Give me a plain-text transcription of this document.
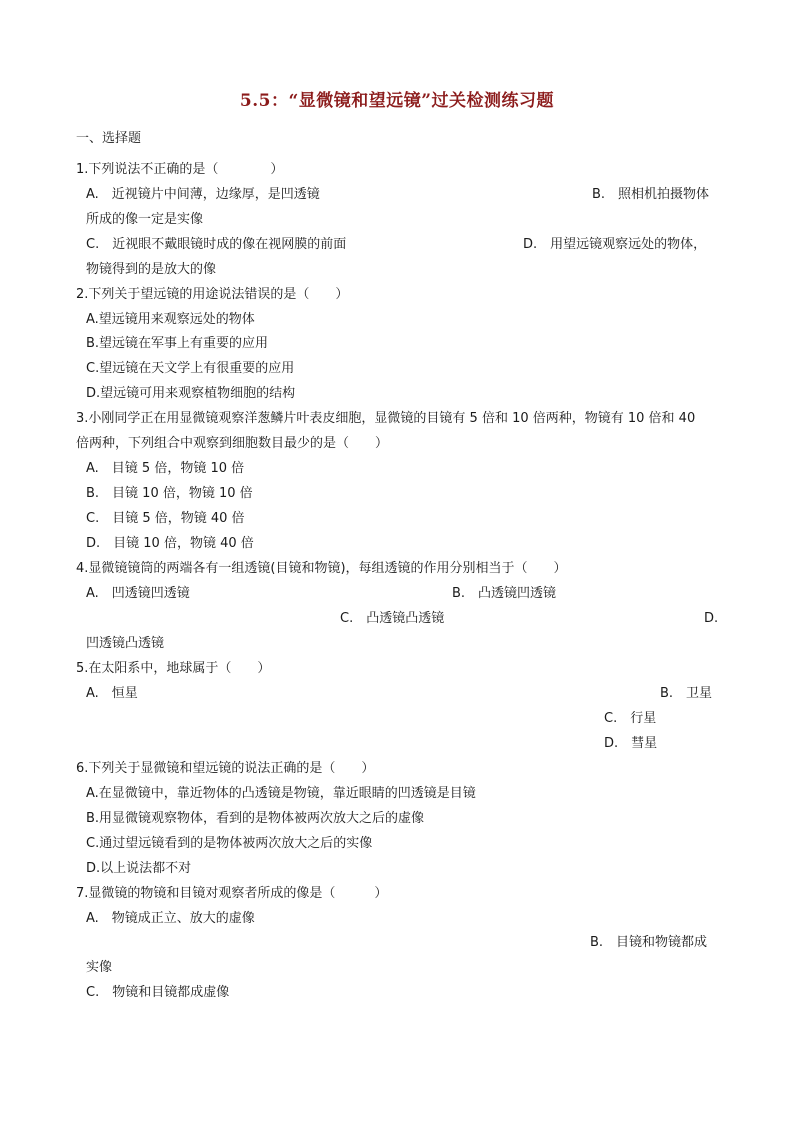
5.5：“显微镜和望远镜”过关检测练习题
一、选择题
1.下列说法不正确的是（　　　　）
A.　近视镜片中间薄，边缘厚，是凹透镜	B.　照相机拍摄物体
所成的像一定是实像
C.　近视眼不戴眼镜时成的像在视网膜的前面	D.　用望远镜观察远处的物体，
物镜得到的是放大的像
2.下列关于望远镜的用途说法错误的是（　　）
A.望远镜用来观察远处的物体
B.望远镜在军事上有重要的应用
C.望远镜在天文学上有很重要的应用
D.望远镜可用来观察植物细胞的结构
3.小刚同学正在用显微镜观察洋葱鳞片叶表皮细胞，显微镜的目镜有 5 倍和 10 倍两种，物镜有 10 倍和 40
倍两种，下列组合中观察到细胞数目最少的是（　　）
A.　目镜 5 倍，物镜 10 倍
B.　目镜 10 倍，物镜 10 倍
C.　目镜 5 倍，物镜 40 倍
D.　目镜 10 倍，物镜 40 倍
4.显微镜镜筒的两端各有一组透镜(目镜和物镜)，每组透镜的作用分别相当于（　　）
A.　凹透镜凹透镜	B.　凸透镜凹透镜
C.　凸透镜凸透镜	D.
凹透镜凸透镜
5.在太阳系中，地球属于（　　）
A.　恒星	B.　卫星
C.　行星
D.　彗星
6.下列关于显微镜和望远镜的说法正确的是（　　）
A.在显微镜中，靠近物体的凸透镜是物镜，靠近眼睛的凹透镜是目镜
B.用显微镜观察物体，看到的是物体被两次放大之后的虚像
C.通过望远镜看到的是物体被两次放大之后的实像
D.以上说法都不对
7.显微镜的物镜和目镜对观察者所成的像是（　　　）
A.　物镜成正立、放大的虚像
B.　目镜和物镜都成
实像
C.　物镜和目镜都成虚像
